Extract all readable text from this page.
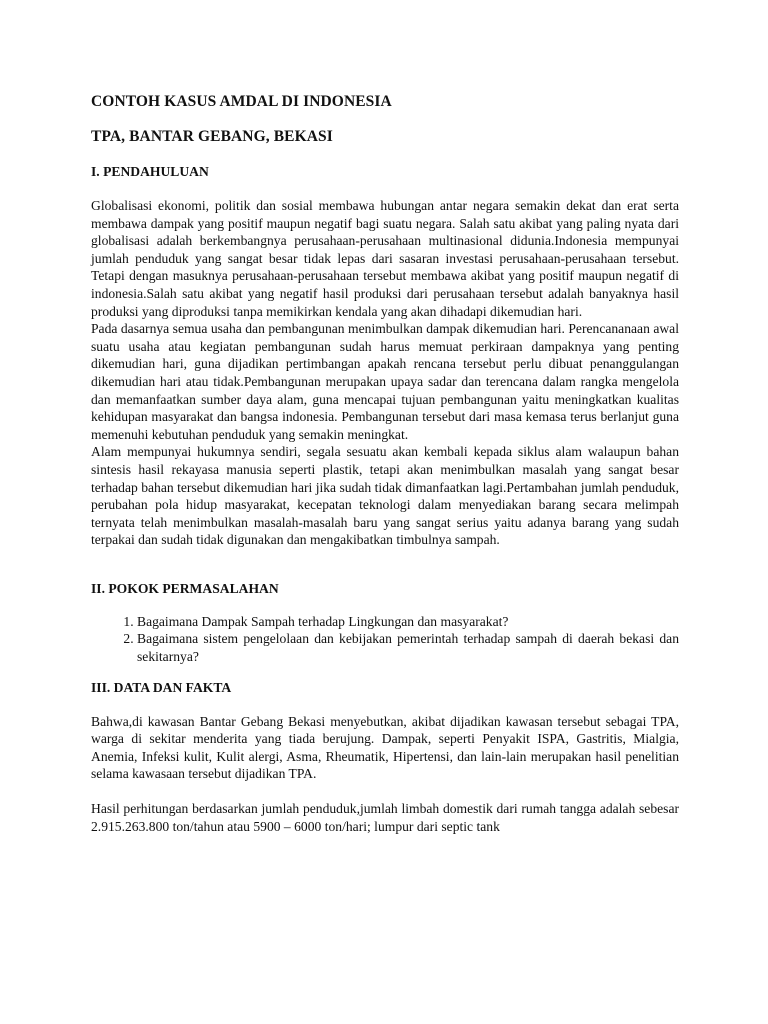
CONTOH KASUS AMDAL DI INDONESIA
TPA, BANTAR GEBANG, BEKASI
I. PENDAHULUAN

Globalisasi ekonomi, politik dan sosial membawa hubungan antar negara semakin dekat dan erat serta membawa dampak yang positif maupun negatif bagi suatu negara. Salah satu akibat yang paling nyata dari globalisasi adalah berkembangnya perusahaan-perusahaan multinasional didunia.Indonesia mempunyai jumlah penduduk yang sangat besar tidak lepas dari sasaran investasi perusahaan-perusahaan tersebut. Tetapi dengan masuknya perusahaan-perusahaan tersebut membawa akibat yang positif maupun negatif di indonesia.Salah satu akibat yang negatif hasil produksi dari perusahaan tersebut adalah banyaknya hasil produksi yang diproduksi tanpa memikirkan kendala yang akan dihadapi dikemudian hari.

Pada dasarnya semua usaha dan pembangunan menimbulkan dampak dikemudian hari. Perencananaan awal suatu usaha atau kegiatan pembangunan sudah harus memuat perkiraan dampaknya yang penting dikemudian hari, guna dijadikan pertimbangan apakah rencana tersebut perlu dibuat penanggulangan dikemudian hari atau tidak.Pembangunan merupakan upaya sadar dan terencana dalam rangka mengelola dan memanfaatkan sumber daya alam, guna mencapai tujuan pembangunan yaitu meningkatkan kualitas kehidupan masyarakat dan bangsa indonesia. Pembangunan tersebut dari masa kemasa terus berlanjut guna memenuhi kebutuhan penduduk yang semakin meningkat.

Alam mempunyai hukumnya sendiri, segala sesuatu akan kembali kepada siklus alam walaupun bahan sintesis hasil rekayasa manusia seperti plastik, tetapi akan menimbulkan masalah yang sangat besar terhadap bahan tersebut dikemudian hari jika sudah tidak dimanfaatkan lagi.Pertambahan jumlah penduduk, perubahan pola hidup masyarakat, kecepatan teknologi dalam menyediakan barang secara melimpah ternyata telah menimbulkan masalah-masalah baru yang sangat serius yaitu adanya barang yang sudah terpakai dan sudah tidak digunakan dan mengakibatkan timbulnya sampah.

II. POKOK PERMASALAHAN
1. Bagaimana Dampak Sampah terhadap Lingkungan dan masyarakat?
2. Bagaimana sistem pengelolaan dan kebijakan pemerintah terhadap sampah di daerah bekasi dan sekitarnya?
III. DATA DAN FAKTA

Bahwa,di kawasan Bantar Gebang Bekasi menyebutkan, akibat dijadikan kawasan tersebut sebagai TPA, warga di sekitar menderita yang tiada berujung. Dampak, seperti Penyakit ISPA, Gastritis, Mialgia, Anemia, Infeksi kulit, Kulit alergi, Asma, Rheumatik, Hipertensi, dan lain-lain merupakan hasil penelitian selama kawasaan tersebut dijadikan TPA.

Hasil perhitungan berdasarkan jumlah penduduk,jumlah limbah domestik dari rumah tangga adalah sebesar 2.915.263.800 ton/tahun atau 5900 – 6000 ton/hari; lumpur dari septic tank
